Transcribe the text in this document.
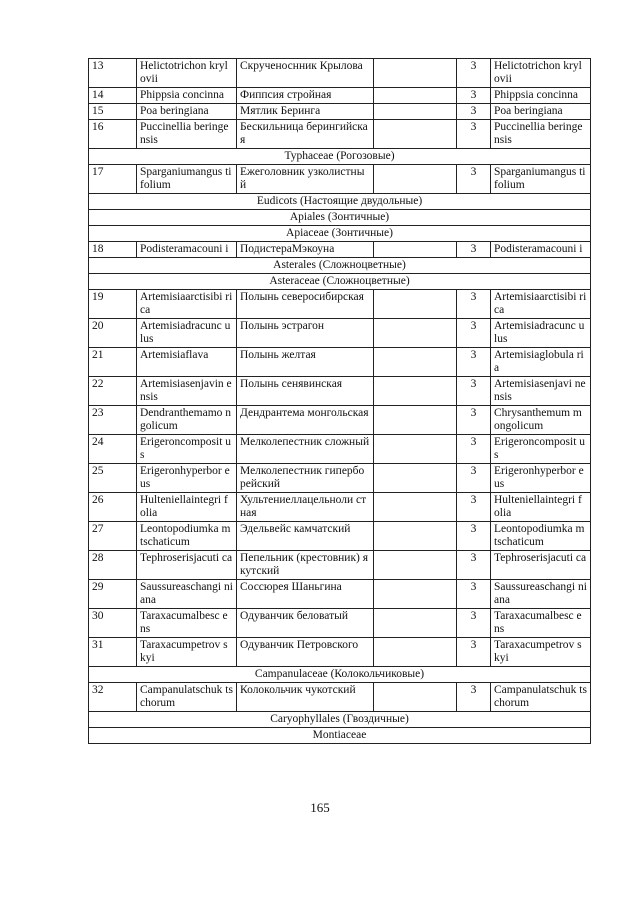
13	Helictotrichon krylovii	Скрученоснник Крылова		3	Helictotrichon krylovii
14	Phippsia concinna	Фиппсия стройная		3	Phippsia concinna
15	Poa beringiana	Мятлик Беринга		3	Poa beringiana
16	Puccinellia beringensis	Бескильница берингийская		3	Puccinellia beringensis
Typhaceae (Рогозовые)					
17	Sparganiumangus tifolium	Ежеголовник узколистный		3	Sparganiumangus tifolium
Eudicots (Настоящие двудольные)					
Apiales (Зонтичные)					
Apiaceae (Зонтичные)					
18	Podisteramacouni i	ПодистераМэкоуна		3	Podisteramacouni i
Asterales (Сложноцветные)					
Asteraceae (Сложноцветные)					
19	Artemisiaarctisibi rica	Полынь североcибирская		3	Artemisiaarctisibi rica
20	Artemisiadracunc ulus	Полынь эстрагон		3	Artemisiadracunc ulus
21	Artemisiaflava	Полынь желтая		3	Artemisiaglobula ria
22	Artemisiasenjavin ensis	Полынь сенявинская		3	Artemisiasenjavi nensis
23	Dendranthemamo ngolicum	Дендрантема монгольская		3	Chrysanthemum mongolicum
24	Erigeroncomposit us	Мелколепестник сложный		3	Erigeroncomposit us
25	Erigeronhyperbor eus	Мелколепестник гиперборейский		3	Erigeronhyperbor eus
26	Hulteniellaintegri folia	Хультениеллацельноли стная		3	Hulteniellaintegri folia
27	Leontopodiumka mtschaticum	Эдельвейс камчатский		3	Leontopodiumka mtschaticum
28	Tephroserisjacuti ca	Пепельник (крестовник) якутский		3	Tephroserisjacuti ca
29	Saussureaschangi niana	Соссюрея Шаньгина		3	Saussureaschangi niana
30	Taraxacumalbesc ens	Одуванчик беловатый		3	Taraxacumalbesc ens
31	Taraxacumpetrov skyi	Одуванчик Петровского		3	Taraxacumpetrov skyi
Campanulaceae (Колокольчиковые)					
32	Campanulatschuk tschorum	Колокольчик чукотский		3	Campanulatschuk tschorum
Caryophyllales (Гвоздичные)					
Montiaceae					
165
